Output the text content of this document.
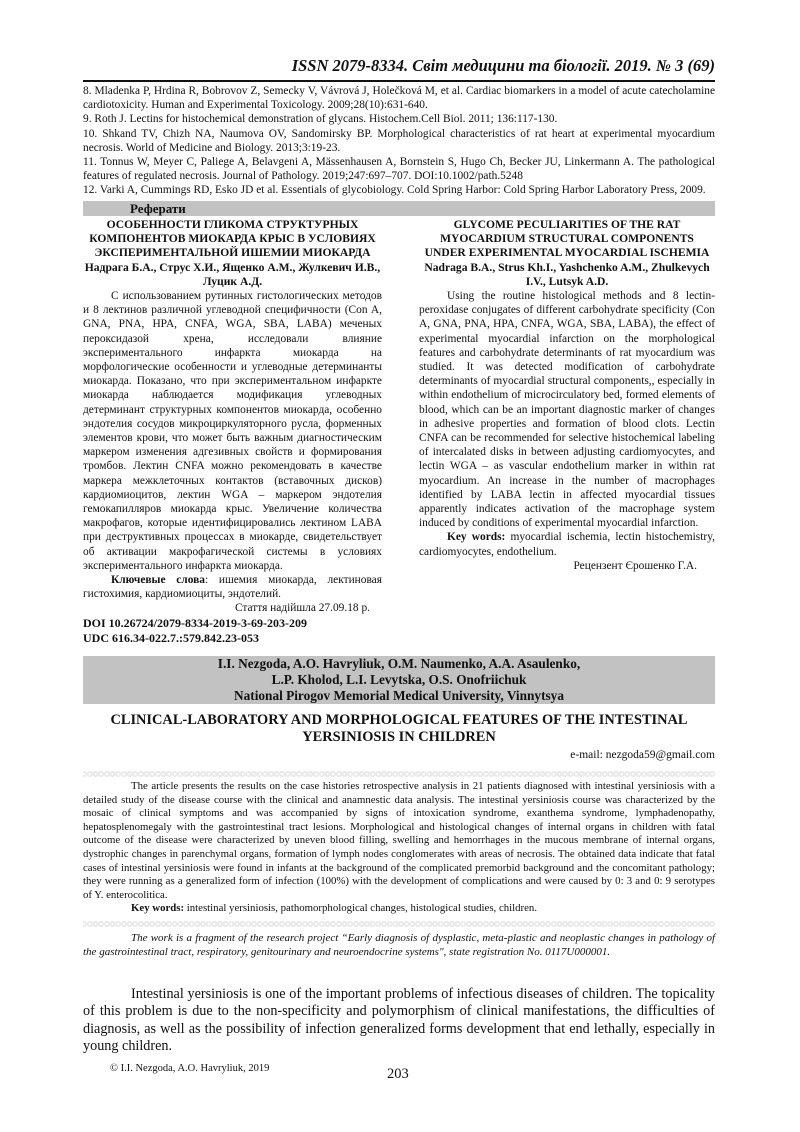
ISSN 2079-8334. Світ медицини та біології. 2019. № 3 (69)

8. Mladenka P, Hrdina R, Bobrovov Z, Semecky V, Vávrová J, Holečková M, et al. Cardiac biomarkers in a model of acute catecholamine cardiotoxicity. Human and Experimental Toxicology. 2009;28(10):631-640.

9. Roth J. Lectins for histochemical demonstration of glycans. Histochem.Cell Biol. 2011; 136:117-130.

10. Shkand TV, Chizh NA, Naumova OV, Sandomirsky BP. Morphological characteristics of rat heart at experimental myocardium necrosis. World of Medicine and Biology. 2013;3:19-23.

11. Tonnus W, Meyer C, Paliege A, Belavgeni A, Mässenhausen A, Bornstein S, Hugo Ch, Becker JU, Linkermann A. The pathological features of regulated necrosis. Journal of Pathology. 2019;247:697–707. DOI:10.1002/path.5248

12. Varki A, Cummings RD, Esko JD et al. Essentials of glycobiology. Cold Spring Harbor: Cold Spring Harbor Laboratory Press, 2009.

Реферати
ОСОБЕННОСТИ ГЛИКОМА СТРУКТУРНЫХ КОМПОНЕНТОВ МИОКАРДА КРЫС В УСЛОВИЯХ ЭКСПЕРИМЕНТАЛЬНОЙ ИШЕМИИ МИОКАРДА
Надрага Б.А., Струс Х.И., Ященко А.М., Жулкевич И.В., Луцик А.Д.

С использованием рутинных гистологических методов и 8 лектинов различной углеводной специфичности (Con A, GNA, PNA, HPA, CNFA, WGA, SBA, LABA) меченых пероксидазой хрена, исследовали влияние экспериментального инфаркта миокарда на морфологические особенности и углеводные детерминанты миокарда. Показано, что при экспериментальном инфаркте миокарда наблюдается модификация углеводных детерминант структурных компонентов миокарда, особенно эндотелия сосудов микроциркуляторного русла, форменных элементов крови, что может быть важным диагностическим маркером изменения адгезивных свойств и формирования тромбов. Лектин CNFA можно рекомендовать в качестве маркера межклеточных контактов (вставочных дисков) кардиомиоцитов, лектин WGA – маркером эндотелия гемокапилляров миокарда крыс. Увеличение количества макрофагов, которые идентифицировались лектином LABA при деструктивных процессах в миокарде, свидетельствует об активации макрофагической системы в условиях экспериментального инфаркта миокарда.

Ключевые слова: ишемия миокарда, лектиновая гистохимия, кардиомиоциты, эндотелий.

Стаття надійшла 27.09.18 р.

GLYCOME PECULIARITIES OF THE RAT MYOCARDIUM STRUCTURAL COMPONENTS UNDER EXPERIMENTAL MYOCARDIAL ISCHEMIA
Nadraga B.A., Strus Kh.I., Yashchenko A.M., Zhulkevych I.V., Lutsyk A.D.

Using the routine histological methods and 8 lectin-peroxidase conjugates of different carbohydrate specificity (Con A, GNA, PNA, HPA, CNFA, WGA, SBA, LABA), the effect of experimental myocardial infarction on the morphological features and carbohydrate determinants of rat myocardium was studied. It was detected modification of carbohydrate determinants of myocardial structural components,, especially in within endothelium of microcirculatory bed, formed elements of blood, which can be an important diagnostic marker of changes in adhesive properties and formation of blood clots. Lectin CNFA can be recommended for selective histochemical labeling of intercalated disks in between adjusting cardiomyocytes, and lectin WGA – as vascular endothelium marker in within rat myocardium. An increase in the number of macrophages identified by LABA lectin in affected myocardial tissues apparently indicates activation of the macrophage system induced by conditions of experimental myocardial infarction.

Key words: myocardial ischemia, lectin histochemistry, cardiomyocytes, endothelium.

Рецензент Єрошенко Г.А.

DOI 10.26724/2079-8334-2019-3-69-203-209
UDC 616.34-022.7.:579.842.23-053
I.I. Nezgoda, A.O. Havryliuk, O.M. Naumenko, A.A. Asaulenko,
L.P. Kholod, L.I. Levytska, O.S. Onofriichuk
National Pirogov Memorial Medical University, Vinnytsya
CLINICAL-LABORATORY AND MORPHOLOGICAL FEATURES OF THE INTESTINAL
YERSINIOSIS IN CHILDREN
e-mail: nezgoda59@gmail.com

The article presents the results on the case histories retrospective analysis in 21 patients diagnosed with intestinal yersiniosis with a detailed study of the disease course with the clinical and anamnestic data analysis. The intestinal yersiniosis course was characterized by the mosaic of clinical symptoms and was accompanied by signs of intoxication syndrome, exanthema syndrome, lymphadenopathy, hepatosplenomegaly with the gastrointestinal tract lesions. Morphological and histological changes of internal organs in children with fatal outcome of the disease were characterized by uneven blood filling, swelling and hemorrhages in the mucous membrane of internal organs, dystrophic changes in parenchymal organs, formation of lymph nodes conglomerates with areas of necrosis. The obtained data indicate that fatal cases of intestinal yersiniosis were found in infants at the background of the complicated premorbid background and the concomitant pathology; they were running as a generalized form of infection (100%) with the development of complications and were caused by 0: 3 and 0: 9 serotypes of Y. enterocolitica.

Key words: intestinal yersiniosis, pathomorphological changes, histological studies, children.

The work is a fragment of the research project “Early diagnosis of dysplastic, meta-plastic and neoplastic changes in pathology of the gastrointestinal tract, respiratory, genitourinary and neuroendocrine systems", state registration No. 0117U000001.

Intestinal yersiniosis is one of the important problems of infectious diseases of children. The topicality of this problem is due to the non-specificity and polymorphism of clinical manifestations, the difficulties of diagnosis, as well as the possibility of infection generalized forms development that end lethally, especially in young children.

© I.I. Nezgoda, A.O. Havryliuk, 2019	203
